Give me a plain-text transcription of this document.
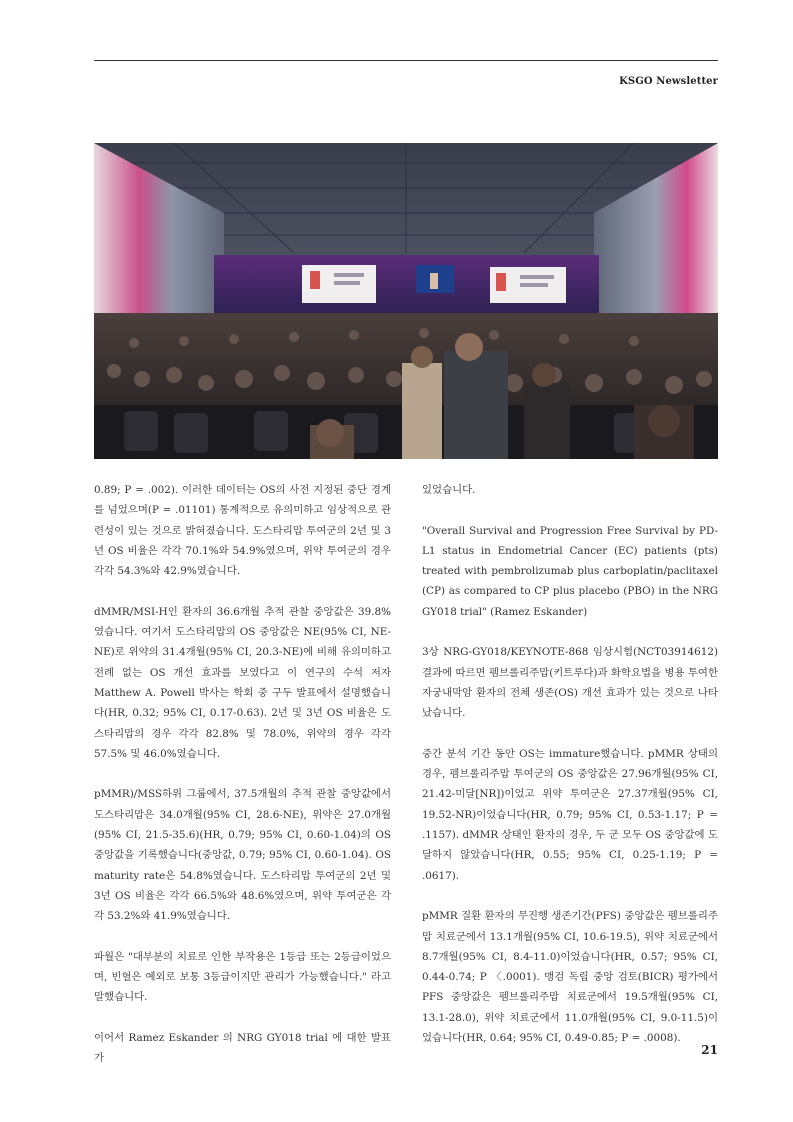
KSGO Newsletter

0.89; P = .002). 이러한 데이터는 OS의 사전 지정된 중단 경계를 넘었으며(P = .01101) 통계적으로 유의미하고 임상적으로 관련성이 있는 것으로 밝혀졌습니다. 도스타리맙 투여군의 2년 및 3년 OS 비율은 각각 70.1%와 54.9%였으며, 위약 투여군의 경우 각각 54.3%와 42.9%였습니다.

dMMR/MSI-H인 환자의 36.6개월 추적 관찰 중앙값은 39.8%였습니다. 여기서 도스타리맙의 OS 중앙값은 NE(95% CI, NE-NE)로 위약의 31.4개월(95% CI, 20.3-NE)에 비해 유의미하고 전례 없는 OS 개선 효과를 보였다고 이 연구의 수석 저자 Matthew A. Powell 박사는 학회 중 구두 발표에서 설명했습니다(HR, 0.32; 95% CI, 0.17-0.63). 2년 및 3년 OS 비율은 도스타리맙의 경우 각각 82.8% 및 78.0%, 위약의 경우 각각 57.5% 및 46.0%였습니다.

pMMR)/MSS하위 그룹에서, 37.5개월의 추적 관찰 중앙값에서 도스타리맙은 34.0개월(95% CI, 28.6-NE), 위약은 27.0개월(95% CI, 21.5-35.6)(HR, 0.79; 95% CI, 0.60-1.04)의 OS 중앙값을 기록했습니다(중앙값, 0.79; 95% CI, 0.60-1.04). OS maturity rate은 54.8%였습니다. 도스타리맙 투여군의 2년 및 3년 OS 비율은 각각 66.5%와 48.6%였으며, 위약 투여군은 각각 53.2%와 41.9%였습니다.

파월은 "대부분의 치료로 인한 부작용은 1등급 또는 2등급이었으며, 빈혈은 예외로 보통 3등급이지만 관리가 가능했습니다." 라고 말했습니다.

이어서 Ramez Eskander 의 NRG GY018 trial 에 대한 발표가

있었습니다.

"Overall Survival and Progression Free Survival by PD-L1 status in Endometrial Cancer (EC) patients (pts) treated with pembrolizumab plus carboplatin/paclitaxel (CP) as compared to CP plus placebo (PBO) in the NRG GY018 trial" (Ramez Eskander)

3상 NRG-GY018/KEYNOTE-868 임상시험(NCT03914612) 결과에 따르면 펨브롤리주맙(키트루다)과 화학요법을 병용 투여한 자궁내막암 환자의 전체 생존(OS) 개선 효과가 있는 것으로 나타났습니다.

중간 분석 기간 동안 OS는 immature했습니다. pMMR 상태의 경우, 펨브롤리주맙 투여군의 OS 중앙값은 27.96개월(95% CI, 21.42-미달[NR])이었고 위약 투여군은 27.37개월(95% CI, 19.52-NR)이었습니다(HR, 0.79; 95% CI, 0.53-1.17; P = .1157). dMMR 상태인 환자의 경우, 두 군 모두 OS 중앙값에 도달하지 않았습니다(HR, 0.55; 95% CI, 0.25-1.19; P = .0617).

pMMR 질환 환자의 무진행 생존기간(PFS) 중앙값은 펨브롤리주맙 치료군에서 13.1개월(95% CI, 10.6-19.5), 위약 치료군에서 8.7개월(95% CI, 8.4-11.0)이었습니다(HR, 0.57; 95% CI, 0.44-0.74; P 〈.0001). 맹검 독립 중앙 검토(BICR) 평가에서 PFS 중앙값은 펨브롤리주맙 치료군에서 19.5개월(95% CI, 13.1-28.0), 위약 치료군에서 11.0개월(95% CI, 9.0-11.5)이었습니다(HR, 0.64; 95% CI, 0.49-0.85; P = .0008).

21
